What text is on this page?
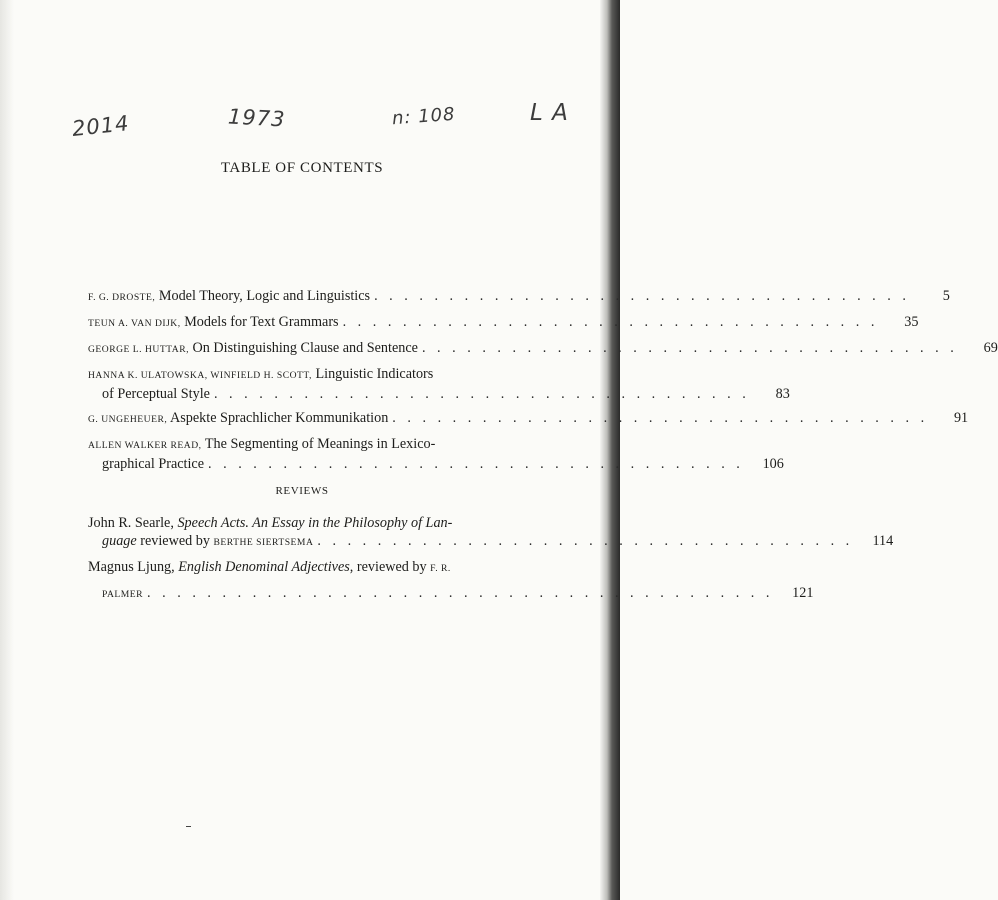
2014	1973	n: 108	L A
TABLE OF CONTENTS
F. G. DROSTE, Model Theory, Logic and Linguistics . . . . . . . . . . . . . . . . . . . . . . . . . . . . . . . . . . . .	5
TEUN A. VAN DIJK, Models for Text Grammars . . . . . . . . . . . . . . . . . . . . . . . . . . . . . . . . . . . .	35
GEORGE L. HUTTAR, On Distinguishing Clause and Sentence . . . . . . . . . . . . . . . . . . . . . . . . . . . . . . . . . . . .	69
HANNA K. ULATOWSKA, WINFIELD H. SCOTT, Linguistic Indicators
of Perceptual Style . . . . . . . . . . . . . . . . . . . . . . . . . . . . . . . . . . . .	83
G. UNGEHEUER, Aspekte Sprachlicher Kommunikation . . . . . . . . . . . . . . . . . . . . . . . . . . . . . . . . . . . .	91
ALLEN WALKER READ, The Segmenting of Meanings in Lexico-
graphical Practice . . . . . . . . . . . . . . . . . . . . . . . . . . . . . . . . . . . .	106
REVIEWS
John R. Searle, Speech Acts. An Essay in the Philosophy of Lan-
guage reviewed by BERTHE SIERTSEMA . . . . . . . . . . . . . . . . . . . . . . . . . . . . . . . . . . . .	114
Magnus Ljung, English Denominal Adjectives, reviewed by F. R.
PALMER . . . . . . . . . . . . . . . . . . . . . . . . . . . . . . . . . . . . . . . . . .	121
